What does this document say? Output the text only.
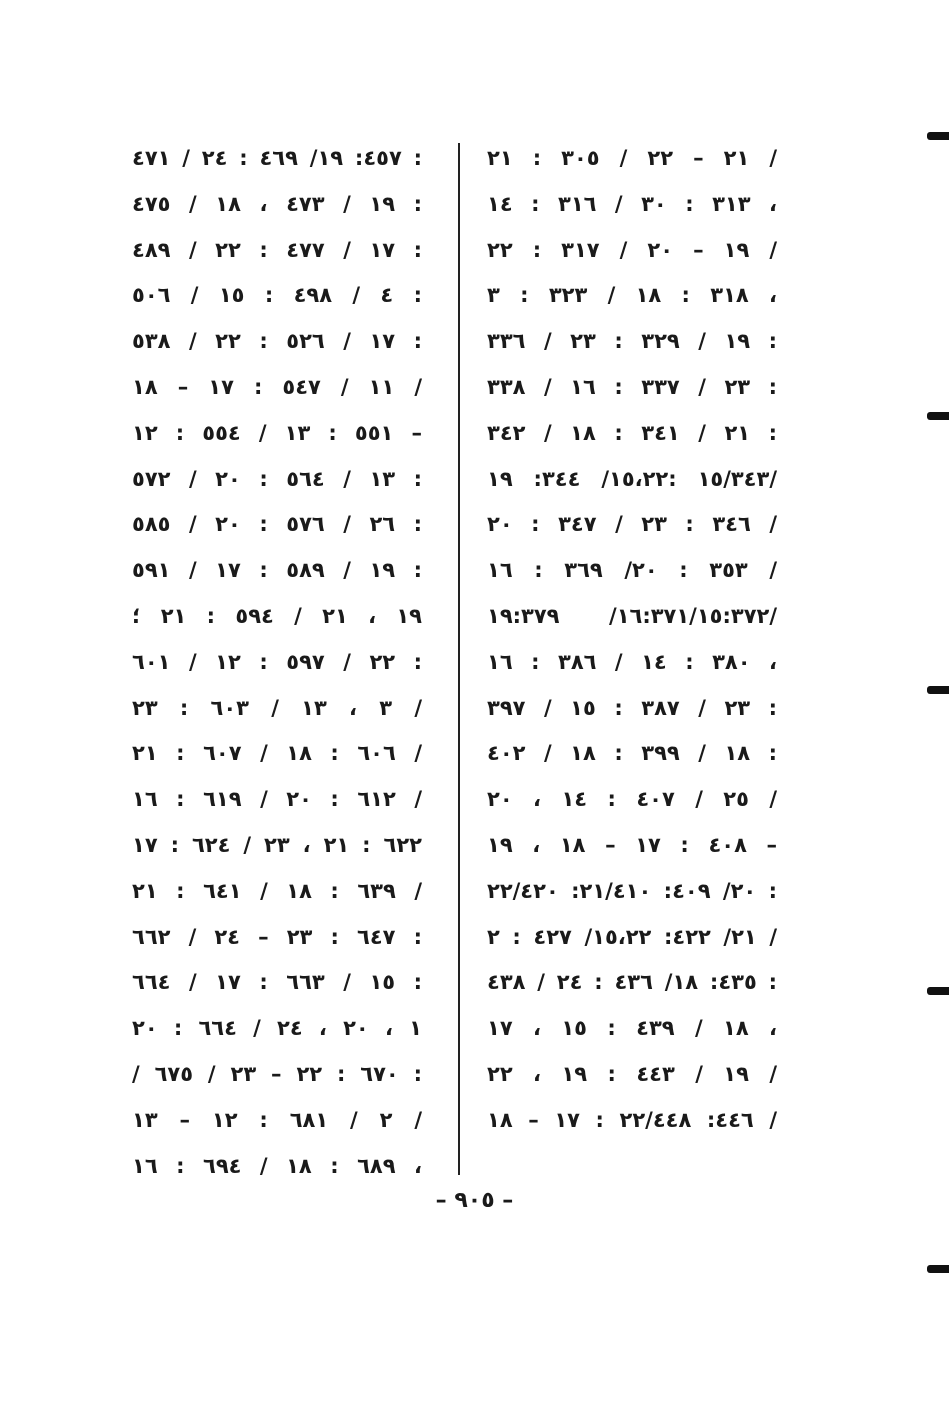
٢١ – ٢٢ / ٣٠٥ : ٢١ /
٣١٣ : ٣٠ / ٣١٦ : ١٤ ،
١٩ – ٢٠ / ٣١٧ : ٢٢ /
٣١٨ : ١٨ / ٣٢٣ : ٣ ،
١٩ / ٣٢٩ : ٢٣ / ٣٣٦ :
٢٣ / ٣٣٧ : ١٦ / ٣٣٨ :
٢١ / ٣٤١ : ١٨ / ٣٤٢ :
١٥/٣٤٣ :١٥،٢٢/ ٣٤٤: ١٩/
٣٤٦ : ٢٣ / ٣٤٧ : ٢٠ /
٣٥٣ : ٢٠/ ٣٦٩ : ١٦ /
١٦:٣٧١/١٥:٣٧٢/ ١٩:٣٧٩/
٣٨٠ : ١٤ / ٣٨٦ : ١٦ ،
٢٣ / ٣٨٧ : ١٥ / ٣٩٧ :
١٨ / ٣٩٩ : ١٨ / ٤٠٢ :
٢٥ / ٤٠٧ : ١٤ ، ٢٠ /
٤٠٨ : ١٧ – ١٨ ، ١٩ –
٢٠/ ٤٠٩: ٢١/٤١٠: ٢٢/٤٢٠ :
٢١/ ٤٢٢: ١٥،٢٢/ ٤٢٧ : ٢ /
٤٣٥: ١٨/ ٤٣٦ : ٢٤ / ٤٣٨ :
١٨ / ٤٣٩ : ١٥ ، ١٧ ،
١٩ / ٤٤٣ : ١٩ ، ٢٢ /
٤٤٦: ٢٢/٤٤٨ : ١٧ – ١٨ /
٤٥٧: ١٩/ ٤٦٩ : ٢٤ / ٤٧١ :
١٩ / ٤٧٣ ، ١٨ / ٤٧٥ :
١٧ / ٤٧٧ : ٢٢ / ٤٨٩ :
٤ / ٤٩٨ : ١٥ / ٥٠٦ :
١٧ / ٥٢٦ : ٢٢ / ٥٣٨ :
١١ / ٥٤٧ : ١٧ – ١٨ /
٥٥١ : ١٣ / ٥٥٤ : ١٢ –
١٣ / ٥٦٤ : ٢٠ / ٥٧٢ :
٢٦ / ٥٧٦ : ٢٠ / ٥٨٥ :
١٩ / ٥٨٩ : ١٧ / ٥٩١ :
١٩ ، ٢١ / ٥٩٤ : ٢١ ؛
٢٢ / ٥٩٧ : ١٢ / ٦٠١ :
٣ ، ١٣ / ٦٠٣ : ٢٣ /
٦٠٦ : ١٨ / ٦٠٧ : ٢١ /
٦١٢ : ٢٠ / ٦١٩ : ١٦ /
٦٢٢ : ٢١ ، ٢٣ / ٦٢٤ : ١٧
٦٣٩ : ١٨ / ٦٤١ : ٢١ /
٦٤٧ : ٢٣ – ٢٤ / ٦٦٢ :
١٥ / ٦٦٣ : ١٧ / ٦٦٤ :
١ ، ٢٠ ، ٢٤ / ٦٦٤ : ٢٠
/ ٦٧٠ : ٢٢ – ٢٣ / ٦٧٥ :
٢ / ٦٨١ : ١٢ – ١٣ /
٦٨٩ : ١٨ / ٦٩٤ : ١٦ ،
– ٩٠٥ –
